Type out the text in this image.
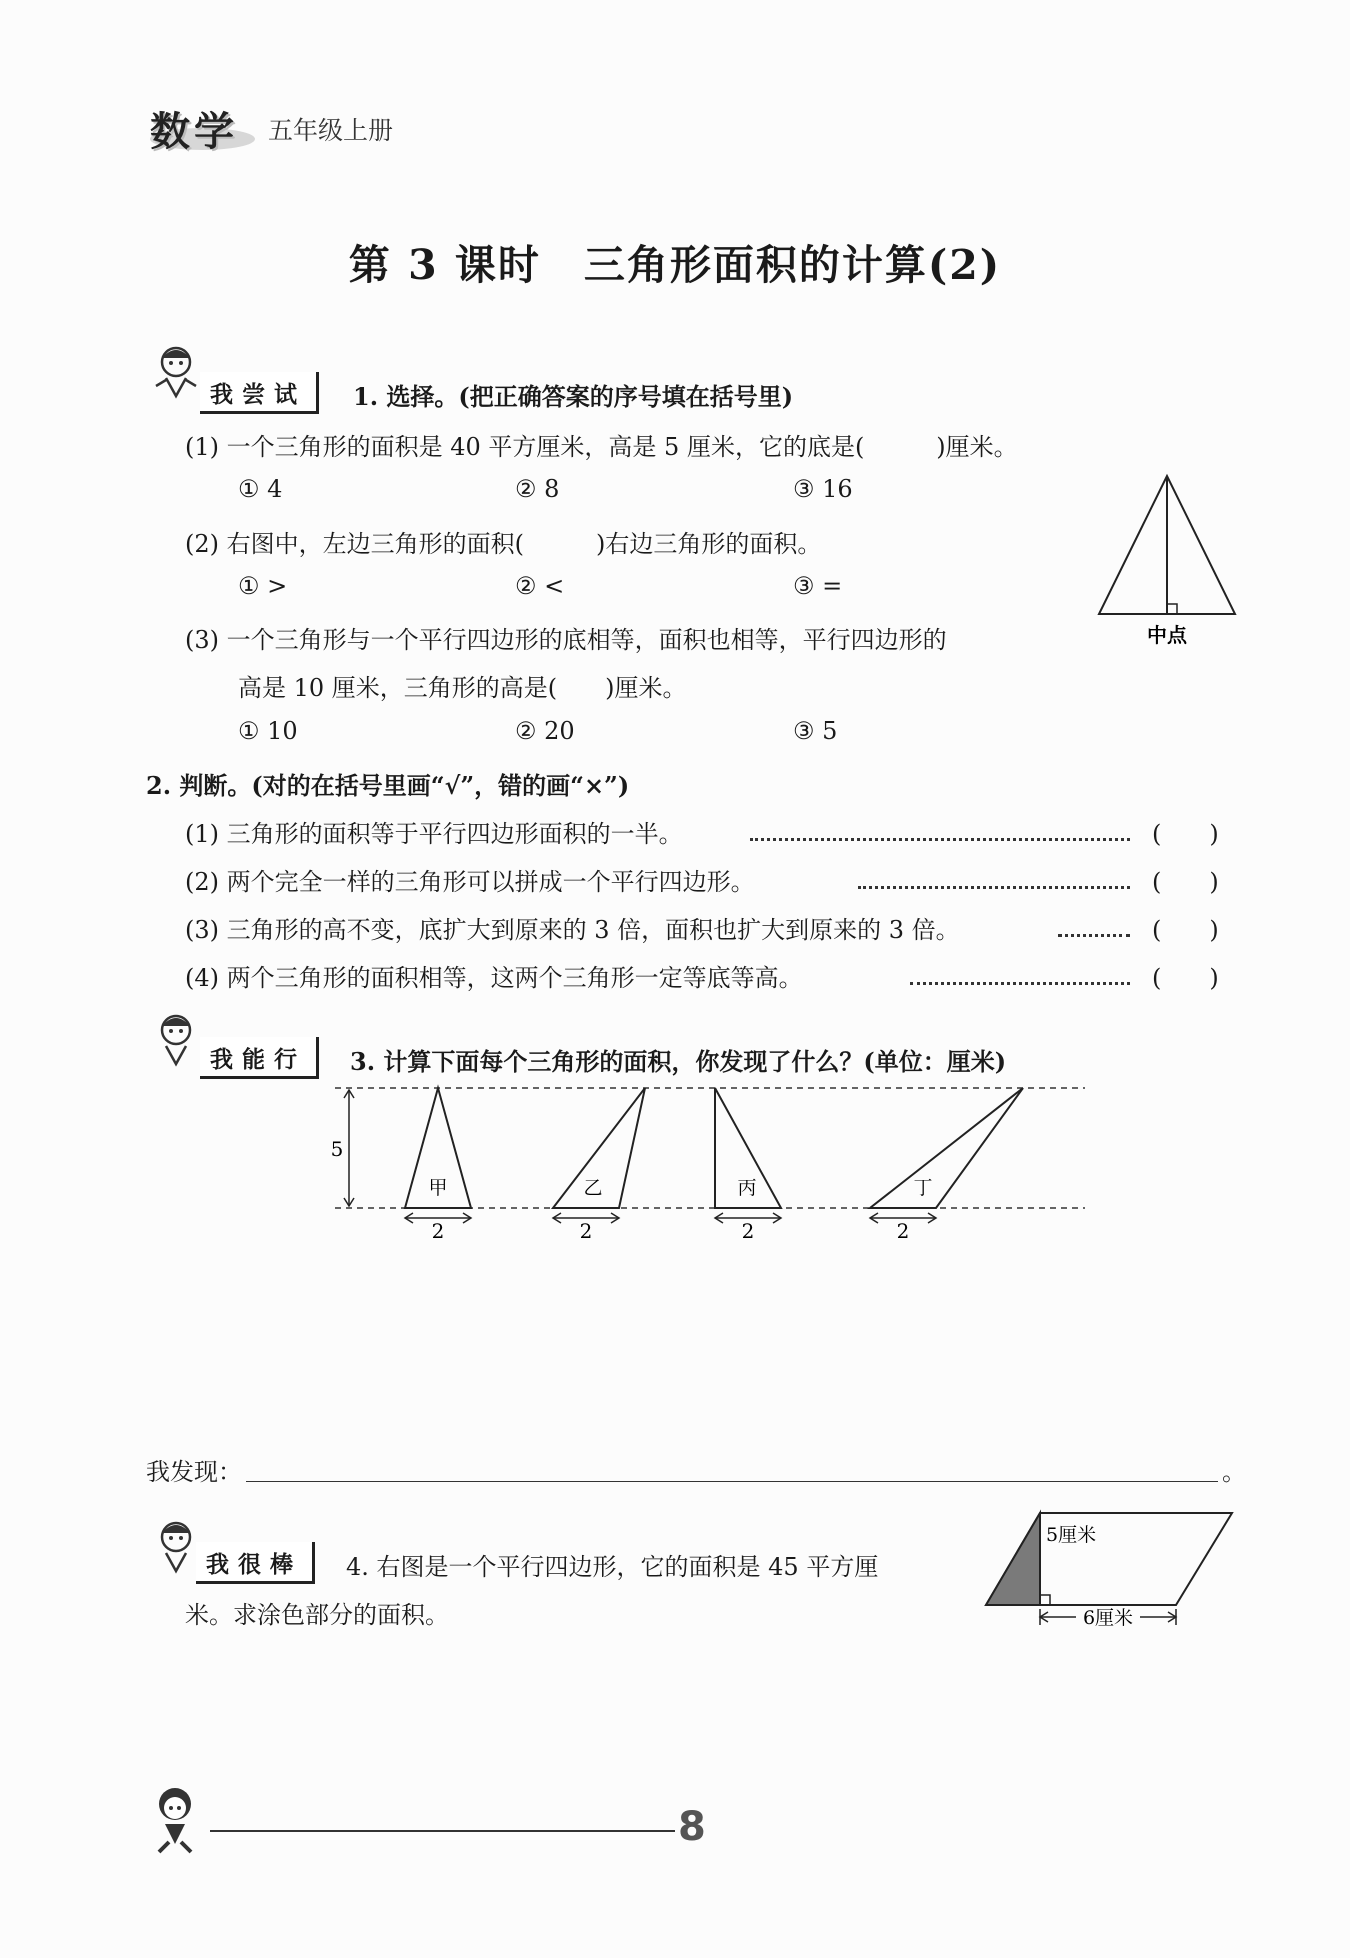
数学 五年级上册
第 3 课时　三角形面积的计算(2)
我尝试	1. 选择。(把正确答案的序号填在括号里)
(1) 一个三角形的面积是 40 平方厘米，高是 5 厘米，它的底是(　　　)厘米。
① 4	② 8	③ 16
(2) 右图中，左边三角形的面积(　　　)右边三角形的面积。
① >	② <	③ =
(3) 一个三角形与一个平行四边形的底相等，面积也相等，平行四边形的
高是 10 厘米，三角形的高是(　　)厘米。
① 10	② 20	③ 5
中点
2. 判断。(对的在括号里画“√”，错的画“×”)
(1) 三角形的面积等于平行四边形面积的一半。	(　　)
(2) 两个完全一样的三角形可以拼成一个平行四边形。	(　　)
(3) 三角形的高不变，底扩大到原来的 3 倍，面积也扩大到原来的 3 倍。	(　　)
(4) 两个三角形的面积相等，这两个三角形一定等底等高。	(　　)
我能行	3. 计算下面每个三角形的面积，你发现了什么？(单位：厘米)
5
甲
2
乙
2
丙
2
丁
2
我发现：	。
我很棒	4. 右图是一个平行四边形，它的面积是 45 平方厘
米。求涂色部分的面积。
5厘米
6厘米
8
